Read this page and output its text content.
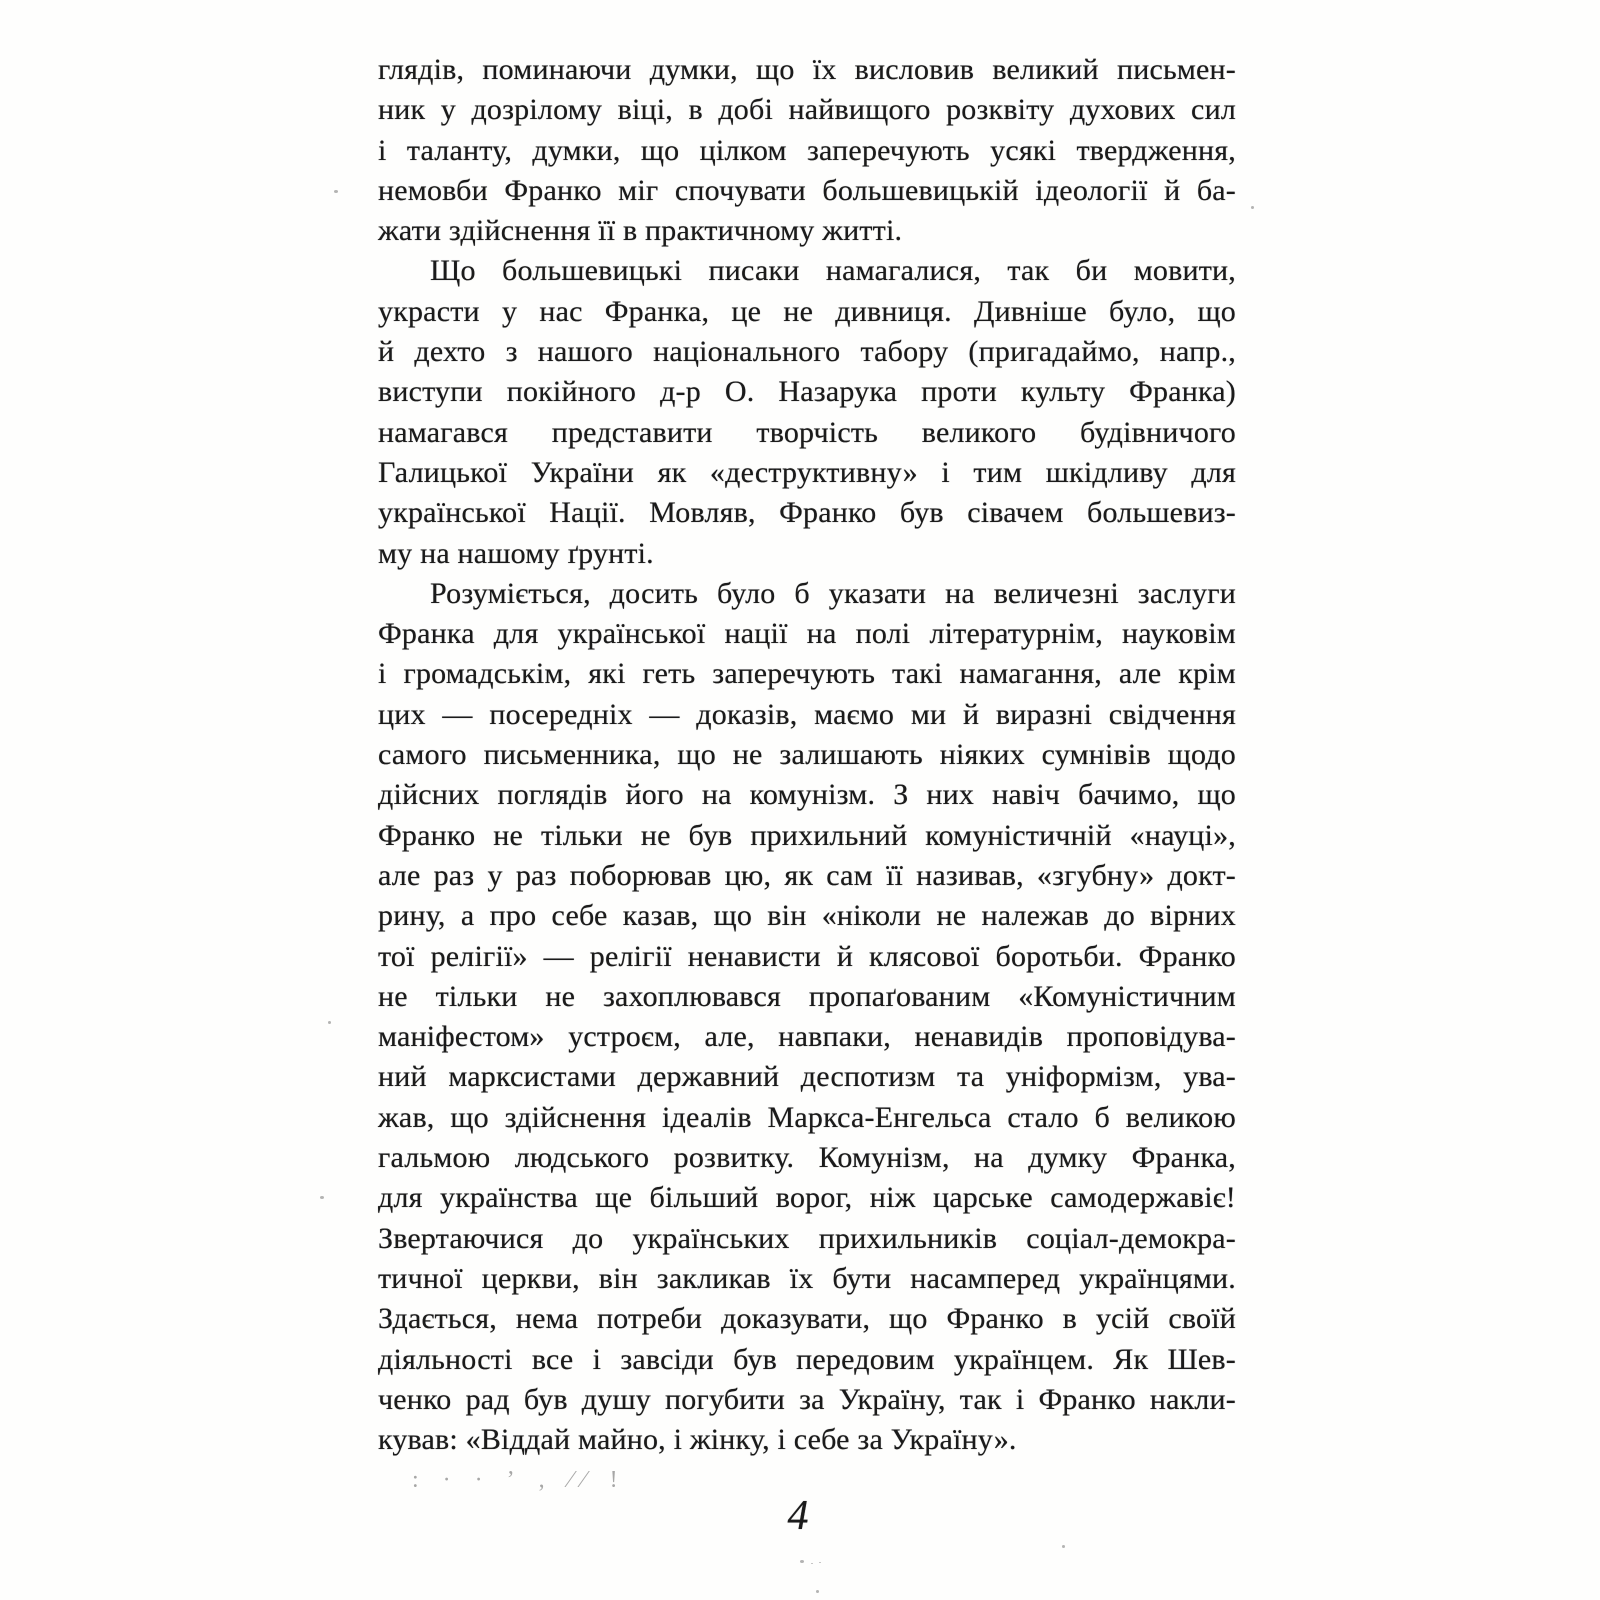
глядів, поминаючи думки, що їх висловив великий письмен-
ник у дозрілому віці, в добі найвищого розквіту духових сил
і таланту, думки, що цілком заперечують усякі твердження,
немовби Франко міг спочувати большевицькій ідеології й ба-
жати здійснення її в практичному житті.
Що большевицькі писаки намагалися, так би мовити,
украсти у нас Франка, це не дивниця. Дивніше було, що
й дехто з нашого національного табору (пригадаймо, напр.,
виступи покійного д-р О. Назарука проти культу Франка)
намагався представити творчість великого будівничого
Галицької України як «деструктивну» і тим шкідливу для
української Нації. Мовляв, Франко був сівачем большевиз-
му на нашому ґрунті.
Розуміється, досить було б указати на величезні заслуги
Франка для української нації на полі літературнім, науковім
і громадськім, які геть заперечують такі намагання, але крім
цих — посередніх — доказів, маємо ми й виразні свідчення
самого письменника, що не залишають ніяких сумнівів щодо
дійсних поглядів його на комунізм. З них навіч бачимо, що
Франко не тільки не був прихильний комуністичній «науці»,
але раз у раз поборював цю, як сам її називав, «згубну» докт-
рину, а про себе казав, що він «ніколи не належав до вірних
тої релігії» — релігії ненависти й клясової боротьби. Франко
не тільки не захоплювався пропаґованим «Комуністичним
маніфестом» устроєм, але, навпаки, ненавидів проповідува-
ний марксистами державний деспотизм та уніформізм, ува-
жав, що здійснення ідеалів Маркса-Енгельса стало б великою
гальмою людського розвитку. Комунізм, на думку Франка,
для українства ще більший ворог, ніж царське самодержавіє!
Звертаючися до українських прихильників соціал-демокра-
тичної церкви, він закликав їх бути насамперед українцями.
Здається, нема потреби доказувати, що Франко в усій своїй
діяльності все і завсіди був передовим українцем. Як Шев-
ченко рад був душу погубити за Україну, так і Франко накли-
кував: «Віддай майно, і жінку, і себе за Україну».: · · ʼ , ⁄⁄ !
4
